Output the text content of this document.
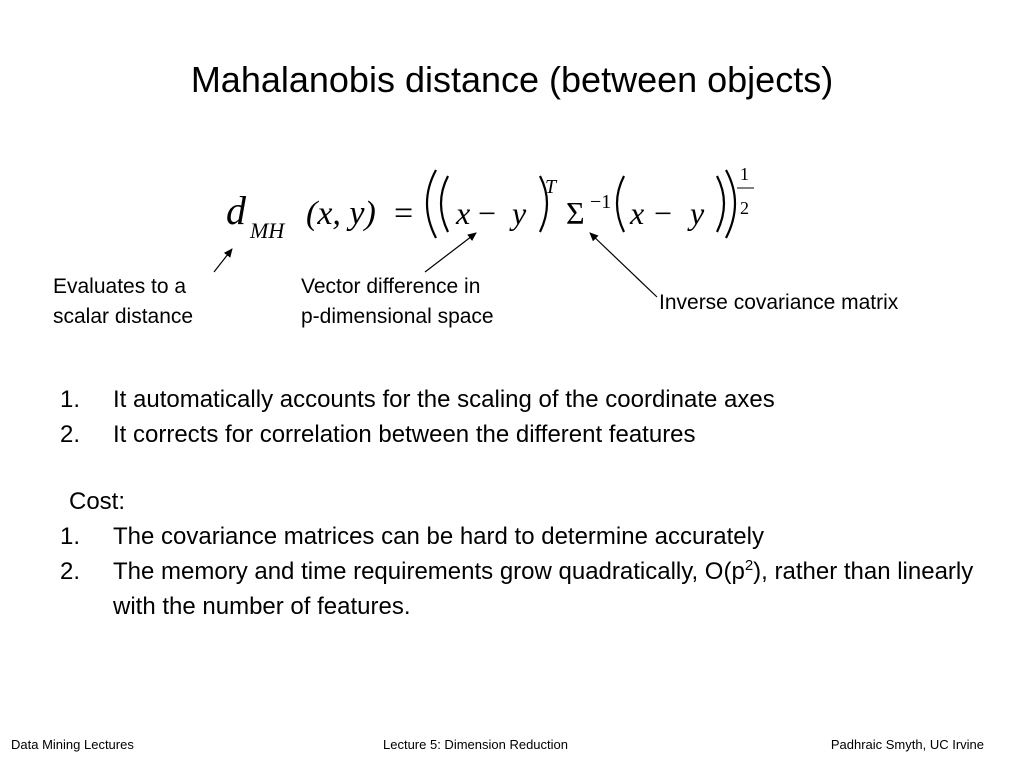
Mahalanobis distance (between objects)
d MH (x, y)	x y
T
x y
= − Σ −1 −
1
2
Evaluates to a
scalar distance
Vector difference in
p-dimensional space
Inverse covariance matrix
1.	It automatically accounts for the scaling of the coordinate axes
2.	It corrects for correlation between the different features
Cost:
1.	The covariance matrices can be hard to determine accurately
2.	The memory and time requirements grow quadratically, $O(p^2)$, rather than linearly with the number of features.
Data Mining Lectures	Lecture 5: Dimension Reduction	Padhraic Smyth, UC Irvine
